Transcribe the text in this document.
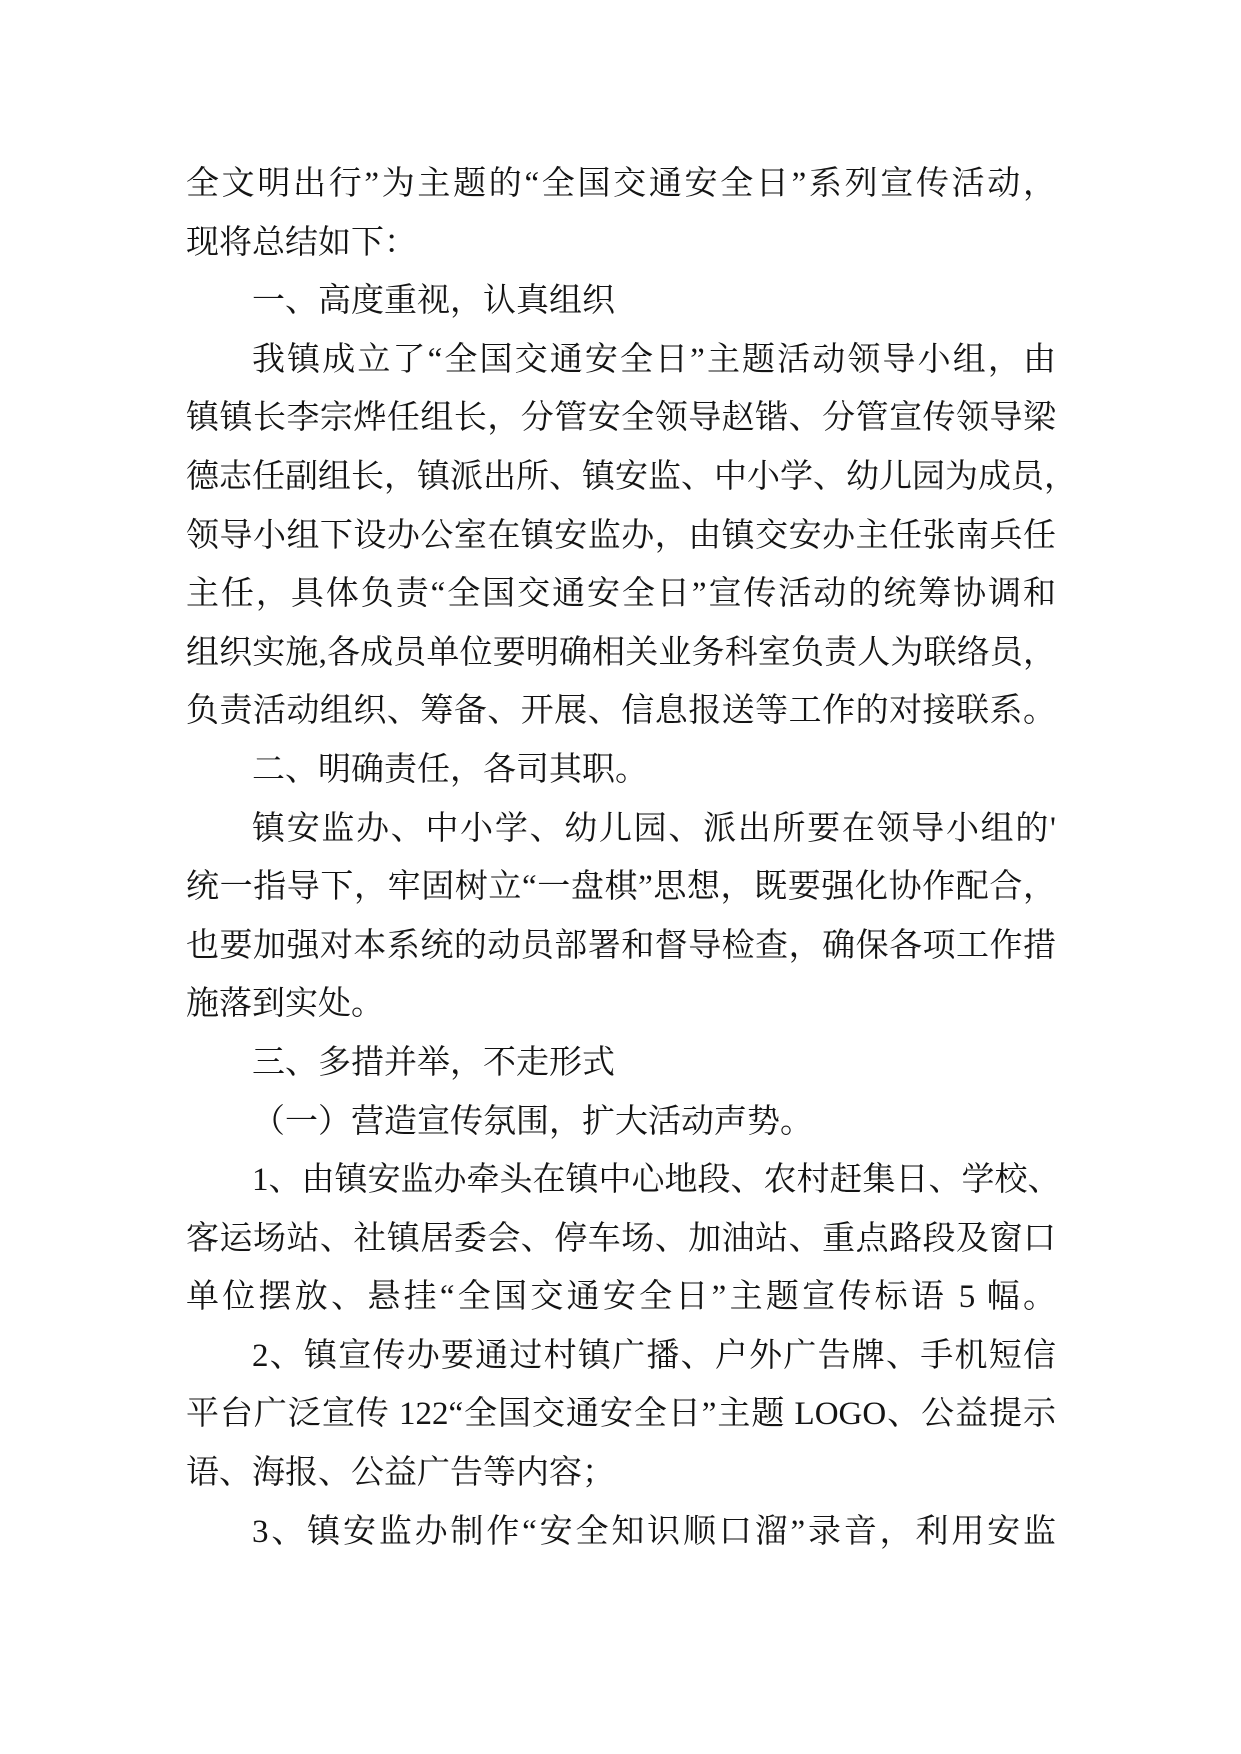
全文明出行”为主题的“全国交通安全日”系列宣传活动，
现将总结如下：
一、高度重视，认真组织
我镇成立了“全国交通安全日”主题活动领导小组，由
镇镇长李宗烨任组长，分管安全领导赵锴、分管宣传领导梁
德志任副组长，镇派出所、镇安监、中小学、幼儿园为成员，
领导小组下设办公室在镇安监办，由镇交安办主任张南兵任
主任，具体负责“全国交通安全日”宣传活动的统筹协调和
组织实施,各成员单位要明确相关业务科室负责人为联络员，
负责活动组织、筹备、开展、信息报送等工作的对接联系。
二、明确责任，各司其职。
镇安监办、中小学、幼儿园、派出所要在领导小组的'
统一指导下，牢固树立“一盘棋”思想，既要强化协作配合，
也要加强对本系统的动员部署和督导检查，确保各项工作措
施落到实处。
三、多措并举，不走形式
（一）营造宣传氛围，扩大活动声势。
1、由镇安监办牵头在镇中心地段、农村赶集日、学校、
客运场站、社镇居委会、停车场、加油站、重点路段及窗口
单位摆放、悬挂“全国交通安全日”主题宣传标语 5 幅。
2、镇宣传办要通过村镇广播、户外广告牌、手机短信
平台广泛宣传 122“全国交通安全日”主题 LOGO、公益提示
语、海报、公益广告等内容；
3、镇安监办制作“安全知识顺口溜”录音，利用安监
